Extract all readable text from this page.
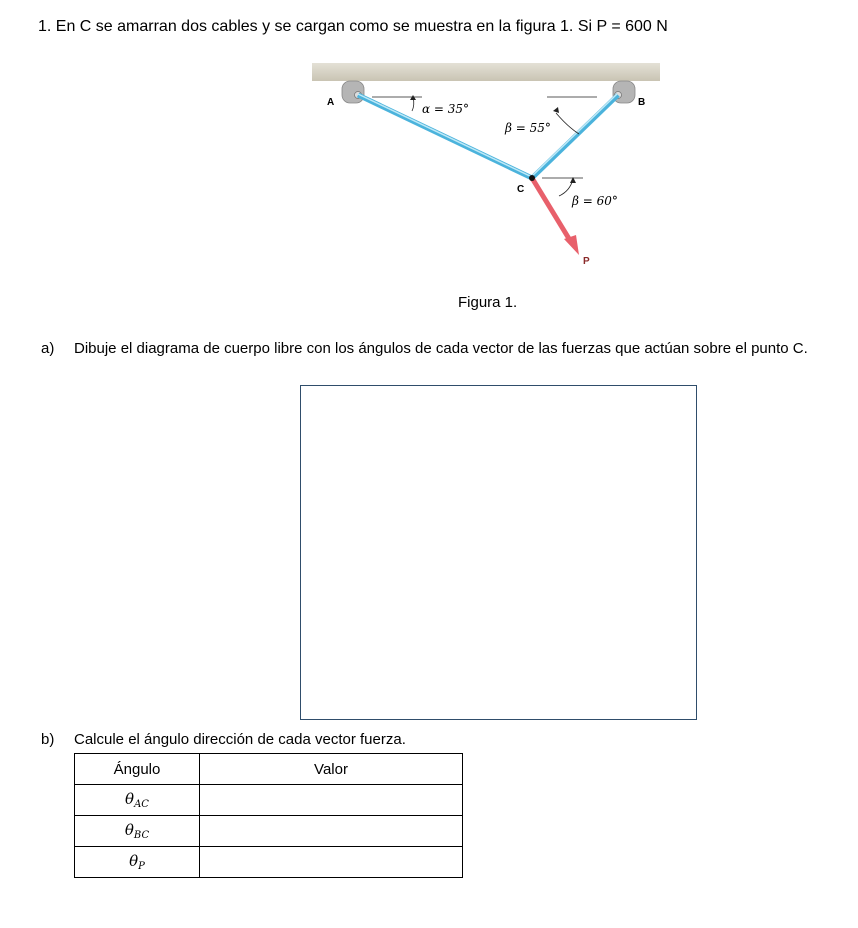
1. En C se amarran dos cables y se cargan como se muestra en la figura 1. Si P = 600 N
A	B
C
P
α = 35°
β = 55°
β = 60°
Figura 1.
a) Dibuje el diagrama de cuerpo libre con los ángulos de cada vector de las fuerzas que actúan sobre el punto C.
b) Calcule el ángulo dirección de cada vector fuerza.
Ángulo	Valor
$\theta_{AC}$	
$\theta_{BC}$	
$\theta_P$	
